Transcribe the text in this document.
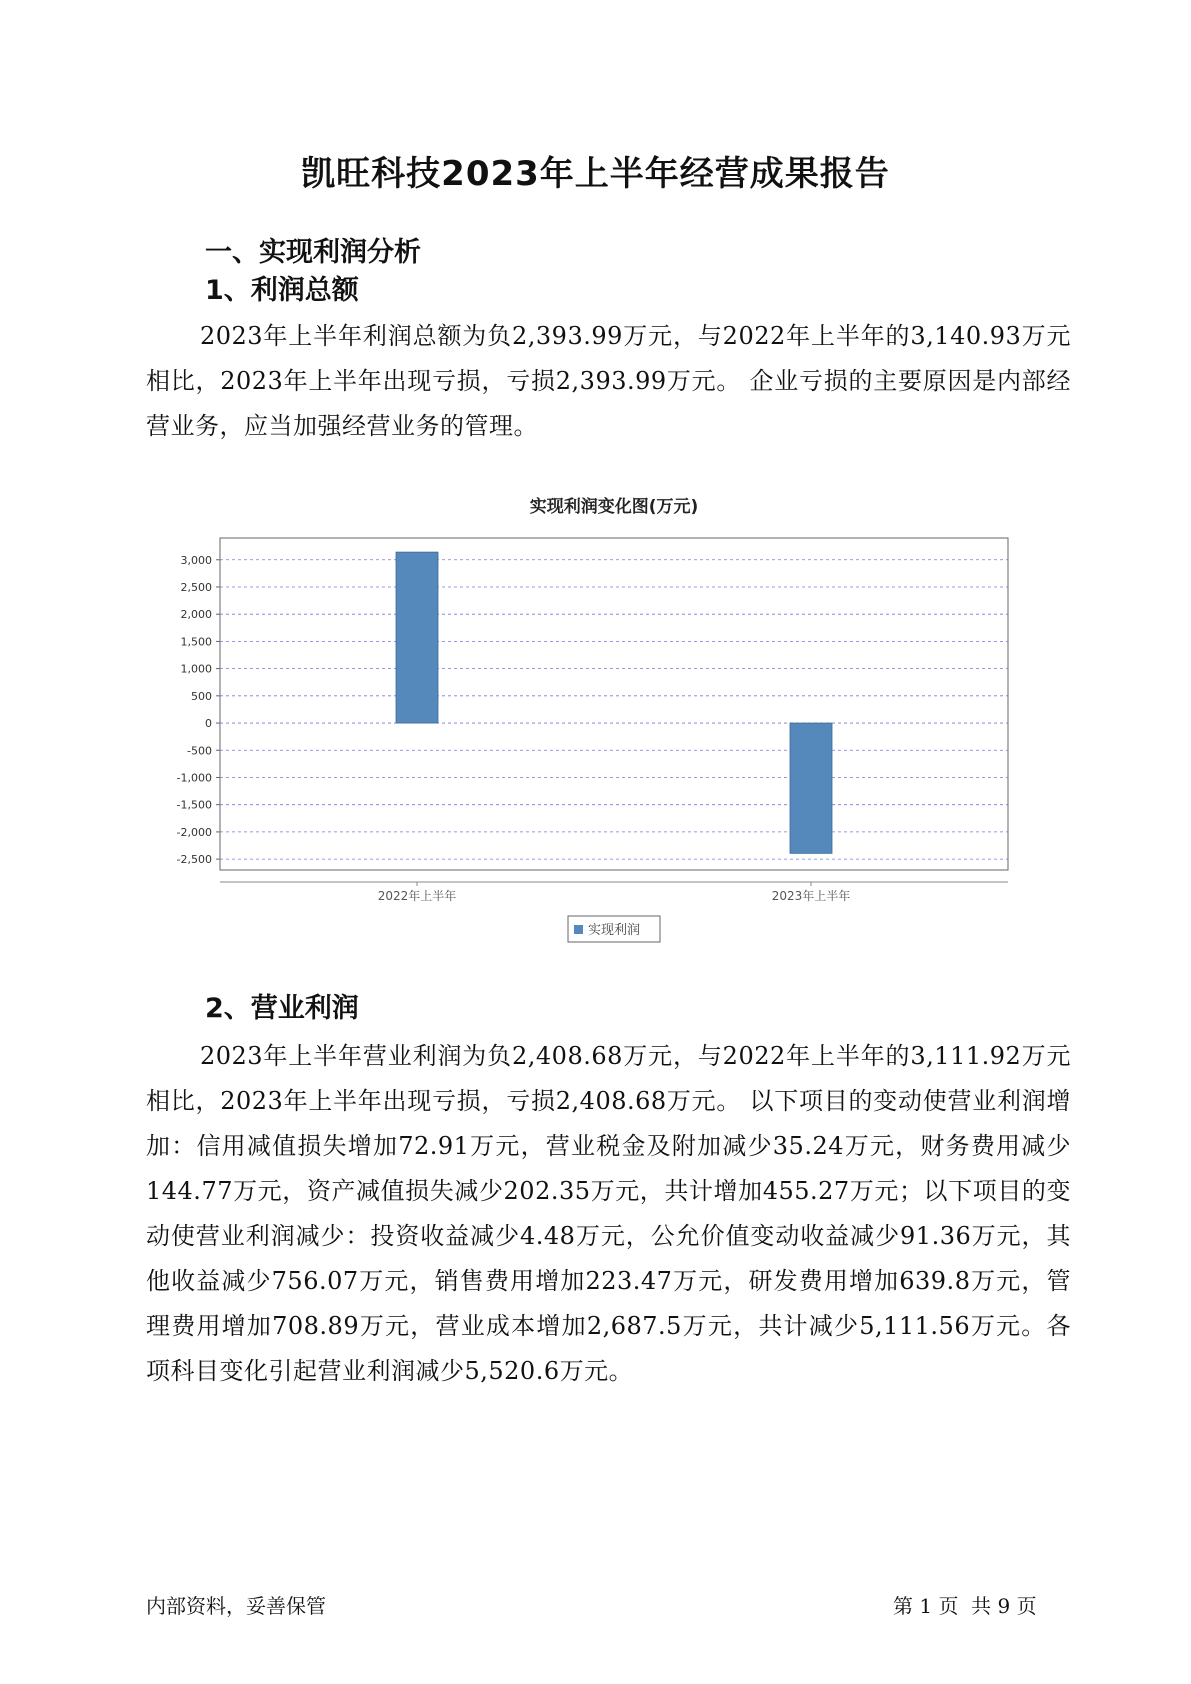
凯旺科技2023年上半年经营成果报告
一、实现利润分析
1、利润总额

2023年上半年利润总额为负2,393.99万元，与2022年上半年的3,140.93万元相比，2023年上半年出现亏损，亏损2,393.99万元。 企业亏损的主要原因是内部经营业务，应当加强经营业务的管理。

实现利润变化图(万元)
3,000
2,500
2,000
1,500
1,000
500
0
-500
-1,000
-1,500
-2,000
-2,500
2022年上半年	2023年上半年
实现利润
2、营业利润

2023年上半年营业利润为负2,408.68万元，与2022年上半年的3,111.92万元相比，2023年上半年出现亏损，亏损2,408.68万元。 以下项目的变动使营业利润增加：信用减值损失增加72.91万元，营业税金及附加减少35.24万元，财务费用减少144.77万元，资产减值损失减少202.35万元，共计增加455.27万元；以下项目的变动使营业利润减少：投资收益减少4.48万元，公允价值变动收益减少91.36万元，其他收益减少756.07万元，销售费用增加223.47万元，研发费用增加639.8万元，管理费用增加708.89万元，营业成本增加2,687.5万元，共计减少5,111.56万元。各项科目变化引起营业利润减少5,520.6万元。

内部资料，妥善保管	第 1 页  共 9 页
